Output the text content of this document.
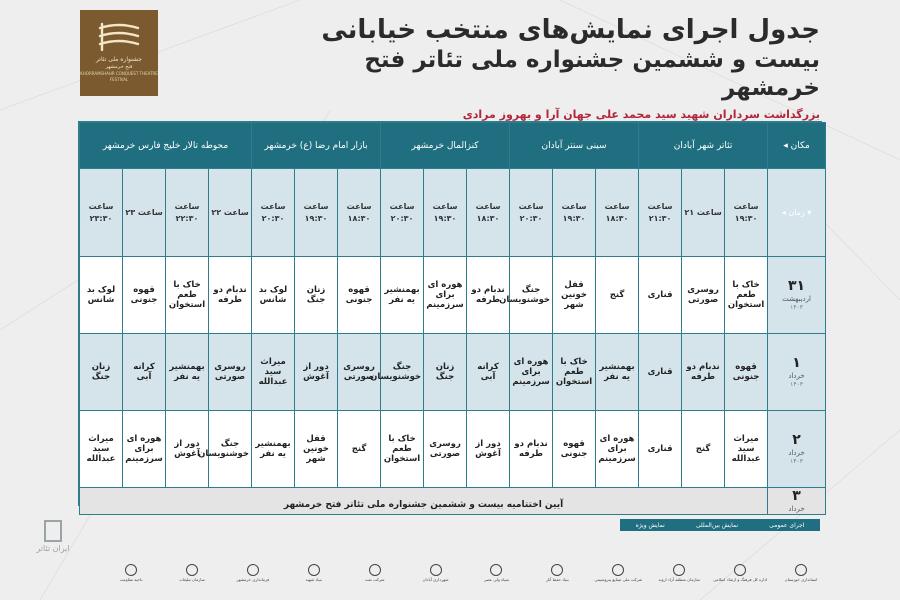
جشنواره ملی تئاتر
فتح خرمشهر
KHORRAMSHAHR CONQUEST THEATRE FESTIVAL
جدول اجرای نمایش‌های منتخب خیابانی
بیست و ششمین جشنواره ملی تئاتر فتح خرمشهر
بزرگداشت سرداران شهید سید محمد علی جهان آرا و بهروز مرادی
مکان ◂	تئاتر شهر آبادان			سینی سنتر آبادان			کنزالمال خرمشهر			بازار امام رضا (ع) خرمشهر			محوطه تالار خلیج فارس خرمشهر			
▾ زمان ◂	ساعت ۱۹:۳۰	ساعت ۲۱	ساعت ۲۱:۳۰	ساعت ۱۸:۳۰	ساعت ۱۹:۳۰	ساعت ۲۰:۳۰	ساعت ۱۸:۳۰	ساعت ۱۹:۳۰	ساعت ۲۰:۳۰	ساعت ۱۸:۳۰	ساعت ۱۹:۳۰	ساعت ۲۰:۳۰	ساعت ۲۲	ساعت ۲۲:۳۰	ساعت ۲۳	ساعت ۲۳:۳۰

۳۱
اردیبهشت
۱۴۰۳	خاک با طعم استخوان	روسری صورتی	قناری	گنج	قفل خونین شهر	جنگ خوشنویسان	ندبام دو طرفه	هوره ای برای سرزمینم	بهمنشیر یه نفر	قهوه جنونی	زنان جنگ	لوک بد شانس	ندبام دو طرفه	خاک با طعم استخوان	قهوه جنونی	لوک بد شانس

۱
خرداد
۱۴۰۳	قهوه جنونی	ندبام دو طرفه	قناری	بهمنشیر یه نفر	خاک با طعم استخوان	هوره ای برای سرزمینم	کرانه آبی	زنان جنگ	جنگ خوشنویسان	روسری صورتی	دور از آغوش	میراث سید عبدالله	روسری صورتی	بهمنشیر یه نفر	کرانه آبی	زنان جنگ

۲
خرداد
۱۴۰۳	میراث سید عبدالله	گنج	قناری	هوره ای برای سرزمینم	قهوه جنونی	ندبام دو طرفه	دور از آغوش	روسری صورتی	خاک با طعم استخوان	گنج	قفل خونین شهر	بهمنشیر یه نفر	جنگ خوشنویسان	دور از آغوش	هوره ای برای سرزمینم	میراث سید عبدالله

۳
خرداد	آیین اختتامیه بیست و ششمین جشنواره ملی تئاتر فتح خرمشهر															
اجرای عمومی
نمایش بین‌المللی
نمایش ویژه
استانداری خوزستان
اداره کل فرهنگ و ارشاد اسلامی
سازمان منطقه آزاد اروند
شرکت ملی صنایع پتروشیمی
بنیاد حفظ آثار
سپاه ولی عصر
شهرداری آبادان
شرکت نفت
بنیاد شهید
فرمانداری خرمشهر
سازمان تبلیغات
ناحیه مقاومت
ایران تئاتر
